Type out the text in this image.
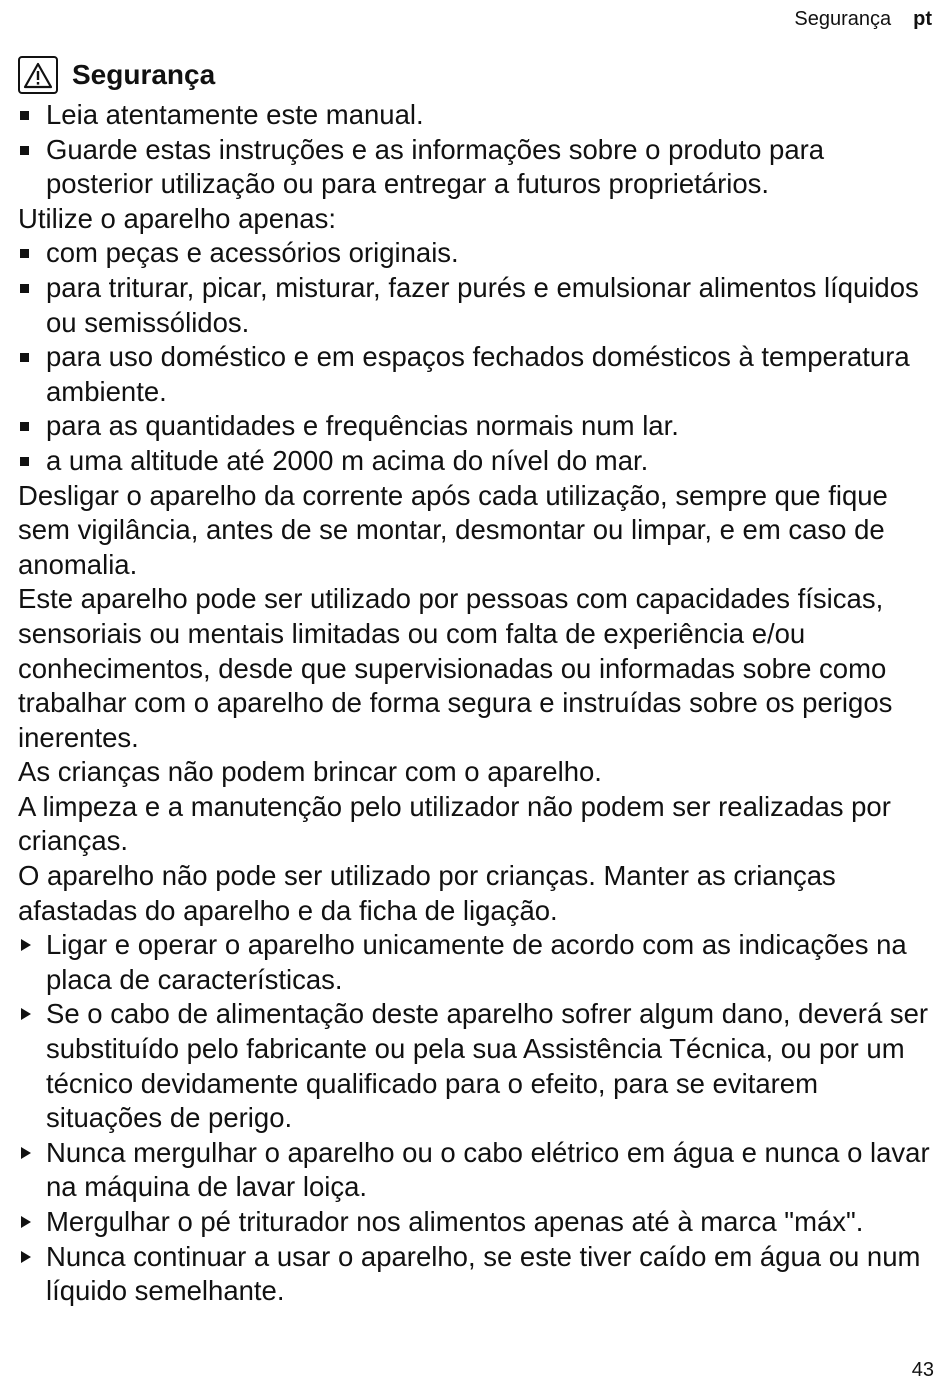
Segurança pt
Segurança
Leia atentamente este manual.
Guarde estas instruções e as informações sobre o produto para posterior utilização ou para entregar a futuros proprietários.
Utilize o aparelho apenas:
com peças e acessórios originais.
para triturar, picar, misturar, fazer purés e emulsionar alimentos líquidos ou semissólidos.
para uso doméstico e em espaços fechados domésticos à temperatura ambiente.
para as quantidades e frequências normais num lar.
a uma altitude até 2000 m acima do nível do mar.
Desligar o aparelho da corrente após cada utilização, sempre que fique sem vigilância, antes de se montar, desmontar ou limpar, e em caso de anomalia.
Este aparelho pode ser utilizado por pessoas com capacidades físicas, sensoriais ou mentais limitadas ou com falta de experiência e/ou conhecimentos, desde que supervisionadas ou informadas sobre como trabalhar com o aparelho de forma segura e instruídas sobre os perigos inerentes.
As crianças não podem brincar com o aparelho.
A limpeza e a manutenção pelo utilizador não podem ser realizadas por crianças.
O aparelho não pode ser utilizado por crianças. Manter as crianças afastadas do aparelho e da ficha de ligação.
Ligar e operar o aparelho unicamente de acordo com as indicações na placa de características.
Se o cabo de alimentação deste aparelho sofrer algum dano, deverá ser substituído pelo fabricante ou pela sua Assistência Técnica, ou por um técnico devidamente qualificado para o efeito, para se evitarem situações de perigo.
Nunca mergulhar o aparelho ou o cabo elétrico em água e nunca o lavar na máquina de lavar loiça.
Mergulhar o pé triturador nos alimentos apenas até à marca "máx".
Nunca continuar a usar o aparelho, se este tiver caído em água ou num líquido semelhante.
43
